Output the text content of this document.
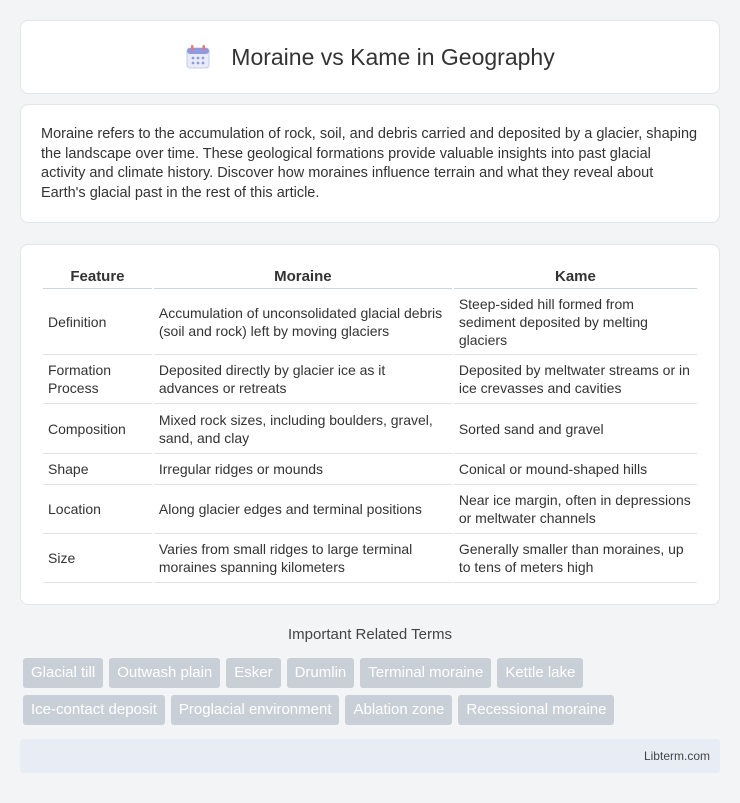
Moraine vs Kame in Geography

Moraine refers to the accumulation of rock, soil, and debris carried and deposited by a glacier, shaping the landscape over time. These geological formations provide valuable insights into past glacial activity and climate history. Discover how moraines influence terrain and what they reveal about Earth's glacial past in the rest of this article.

Feature	Moraine	Kame
Definition	Accumulation of unconsolidated glacial debris (soil and rock) left by moving glaciers	Steep-sided hill formed from sediment deposited by melting glaciers
Formation Process	Deposited directly by glacier ice as it advances or retreats	Deposited by meltwater streams or in ice crevasses and cavities
Composition	Mixed rock sizes, including boulders, gravel, sand, and clay	Sorted sand and gravel
Shape	Irregular ridges or mounds	Conical or mound-shaped hills
Location	Along glacier edges and terminal positions	Near ice margin, often in depressions or meltwater channels
Size	Varies from small ridges to large terminal moraines spanning kilometers	Generally smaller than moraines, up to tens of meters high
Important Related Terms
Glacial till	Outwash plain	Esker	Drumlin	Terminal moraine	Kettle lake
Ice-contact deposit	Proglacial environment	Ablation zone	Recessional moraine
Libterm.com
